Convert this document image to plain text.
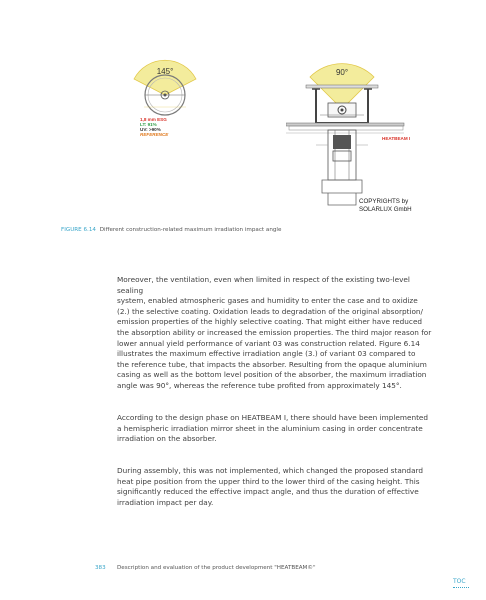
145°
1,8 mm ESG
LT: 91%
UV: >90%
REFERENCE
90°
HEATBEAM I
COPYRIGHTS by
SOLARLUX GmbH
FIGURE 6.14 Different construction-related maximum irradiation impact angle

Moreover, the ventilation, even when limited in respect of the existing two-level sealing

system, enabled atmospheric gases and humidity to enter the case and to oxidize

(2.) the selective coating. Oxidation leads to degradation of the original absorption/

emission properties of the highly selective coating. That might either have reduced

the absorption ability or increased the emission properties. The third major reason for

lower annual yield performance of variant 03 was construction related. Figure 6.14

illustrates the maximum effective irradiation angle (3.) of variant 03 compared to

the reference tube, that impacts the absorber. Resulting from the opaque aluminium

casing as well as the bottom level position of the absorber, the maximum irradiation

angle was 90°, whereas the reference tube profited from approximately 145°.

According to the design phase on HEATBEAM I, there should have been implemented

a hemispheric irradiation mirror sheet in the aluminium casing in order concentrate

irradiation on the absorber.

During assembly, this was not implemented, which changed the proposed standard

heat pipe position from the upper third to the lower third of the casing height. This

significantly reduced the effective impact angle, and thus the duration of effective

irradiation impact per day.

383 Description and evaluation of the product development "HEATBEAM©"
TOC
